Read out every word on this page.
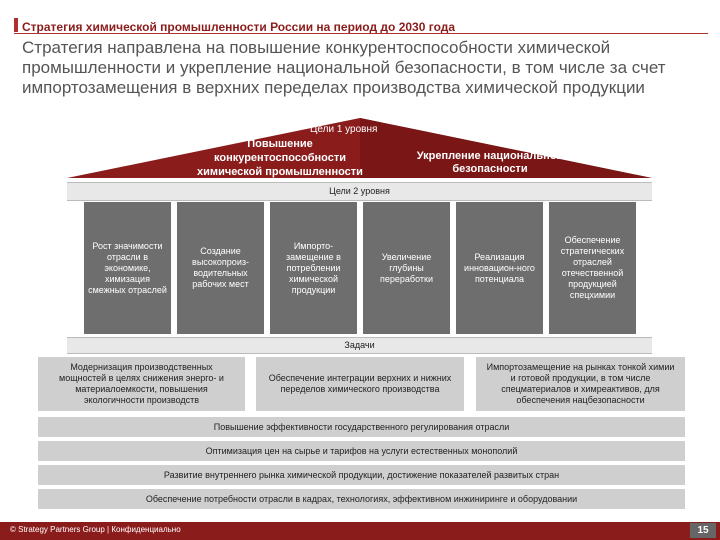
Стратегия химической промышленности России на период до 2030 года
Стратегия направлена на повышение конкурентоспособности химической промышленности и укрепление национальной безопасности, в том числе за счет импортозамещения в верхних переделах производства химической продукции
Цели 1 уровня
Повышение конкурентоспособности химической промышленности
Укрепление национальной безопасности
Цели 2 уровня
Рост значимости отрасли в экономике, химизация смежных отраслей
Создание высокопроиз-водительных рабочих мест
Импорто-замещение в потреблении химической продукции
Увеличение глубины переработки
Реализация инновацион-ного потенциала
Обеспечение стратегических отраслей отечественной продукцией спецхимии
Задачи
Модернизация производственных мощностей в целях снижения энерго- и материалоемкости, повышения экологичности производств
Обеспечение интеграции верхних и нижних переделов химического производства
Импортозамещение на рынках тонкой химии и готовой продукции, в том числе спецматериалов и химреактивов, для обеспечения нацбезопасности
Повышение эффективности государственного регулирования отрасли
Оптимизация цен на сырье и тарифов на услуги естественных монополий
Развитие внутреннего рынка химической продукции, достижение показателей развитых стран
Обеспечение потребности отрасли в кадрах, технологиях, эффективном инжиниринге и оборудовании
© Strategy Partners Group | Конфиденциально	15
